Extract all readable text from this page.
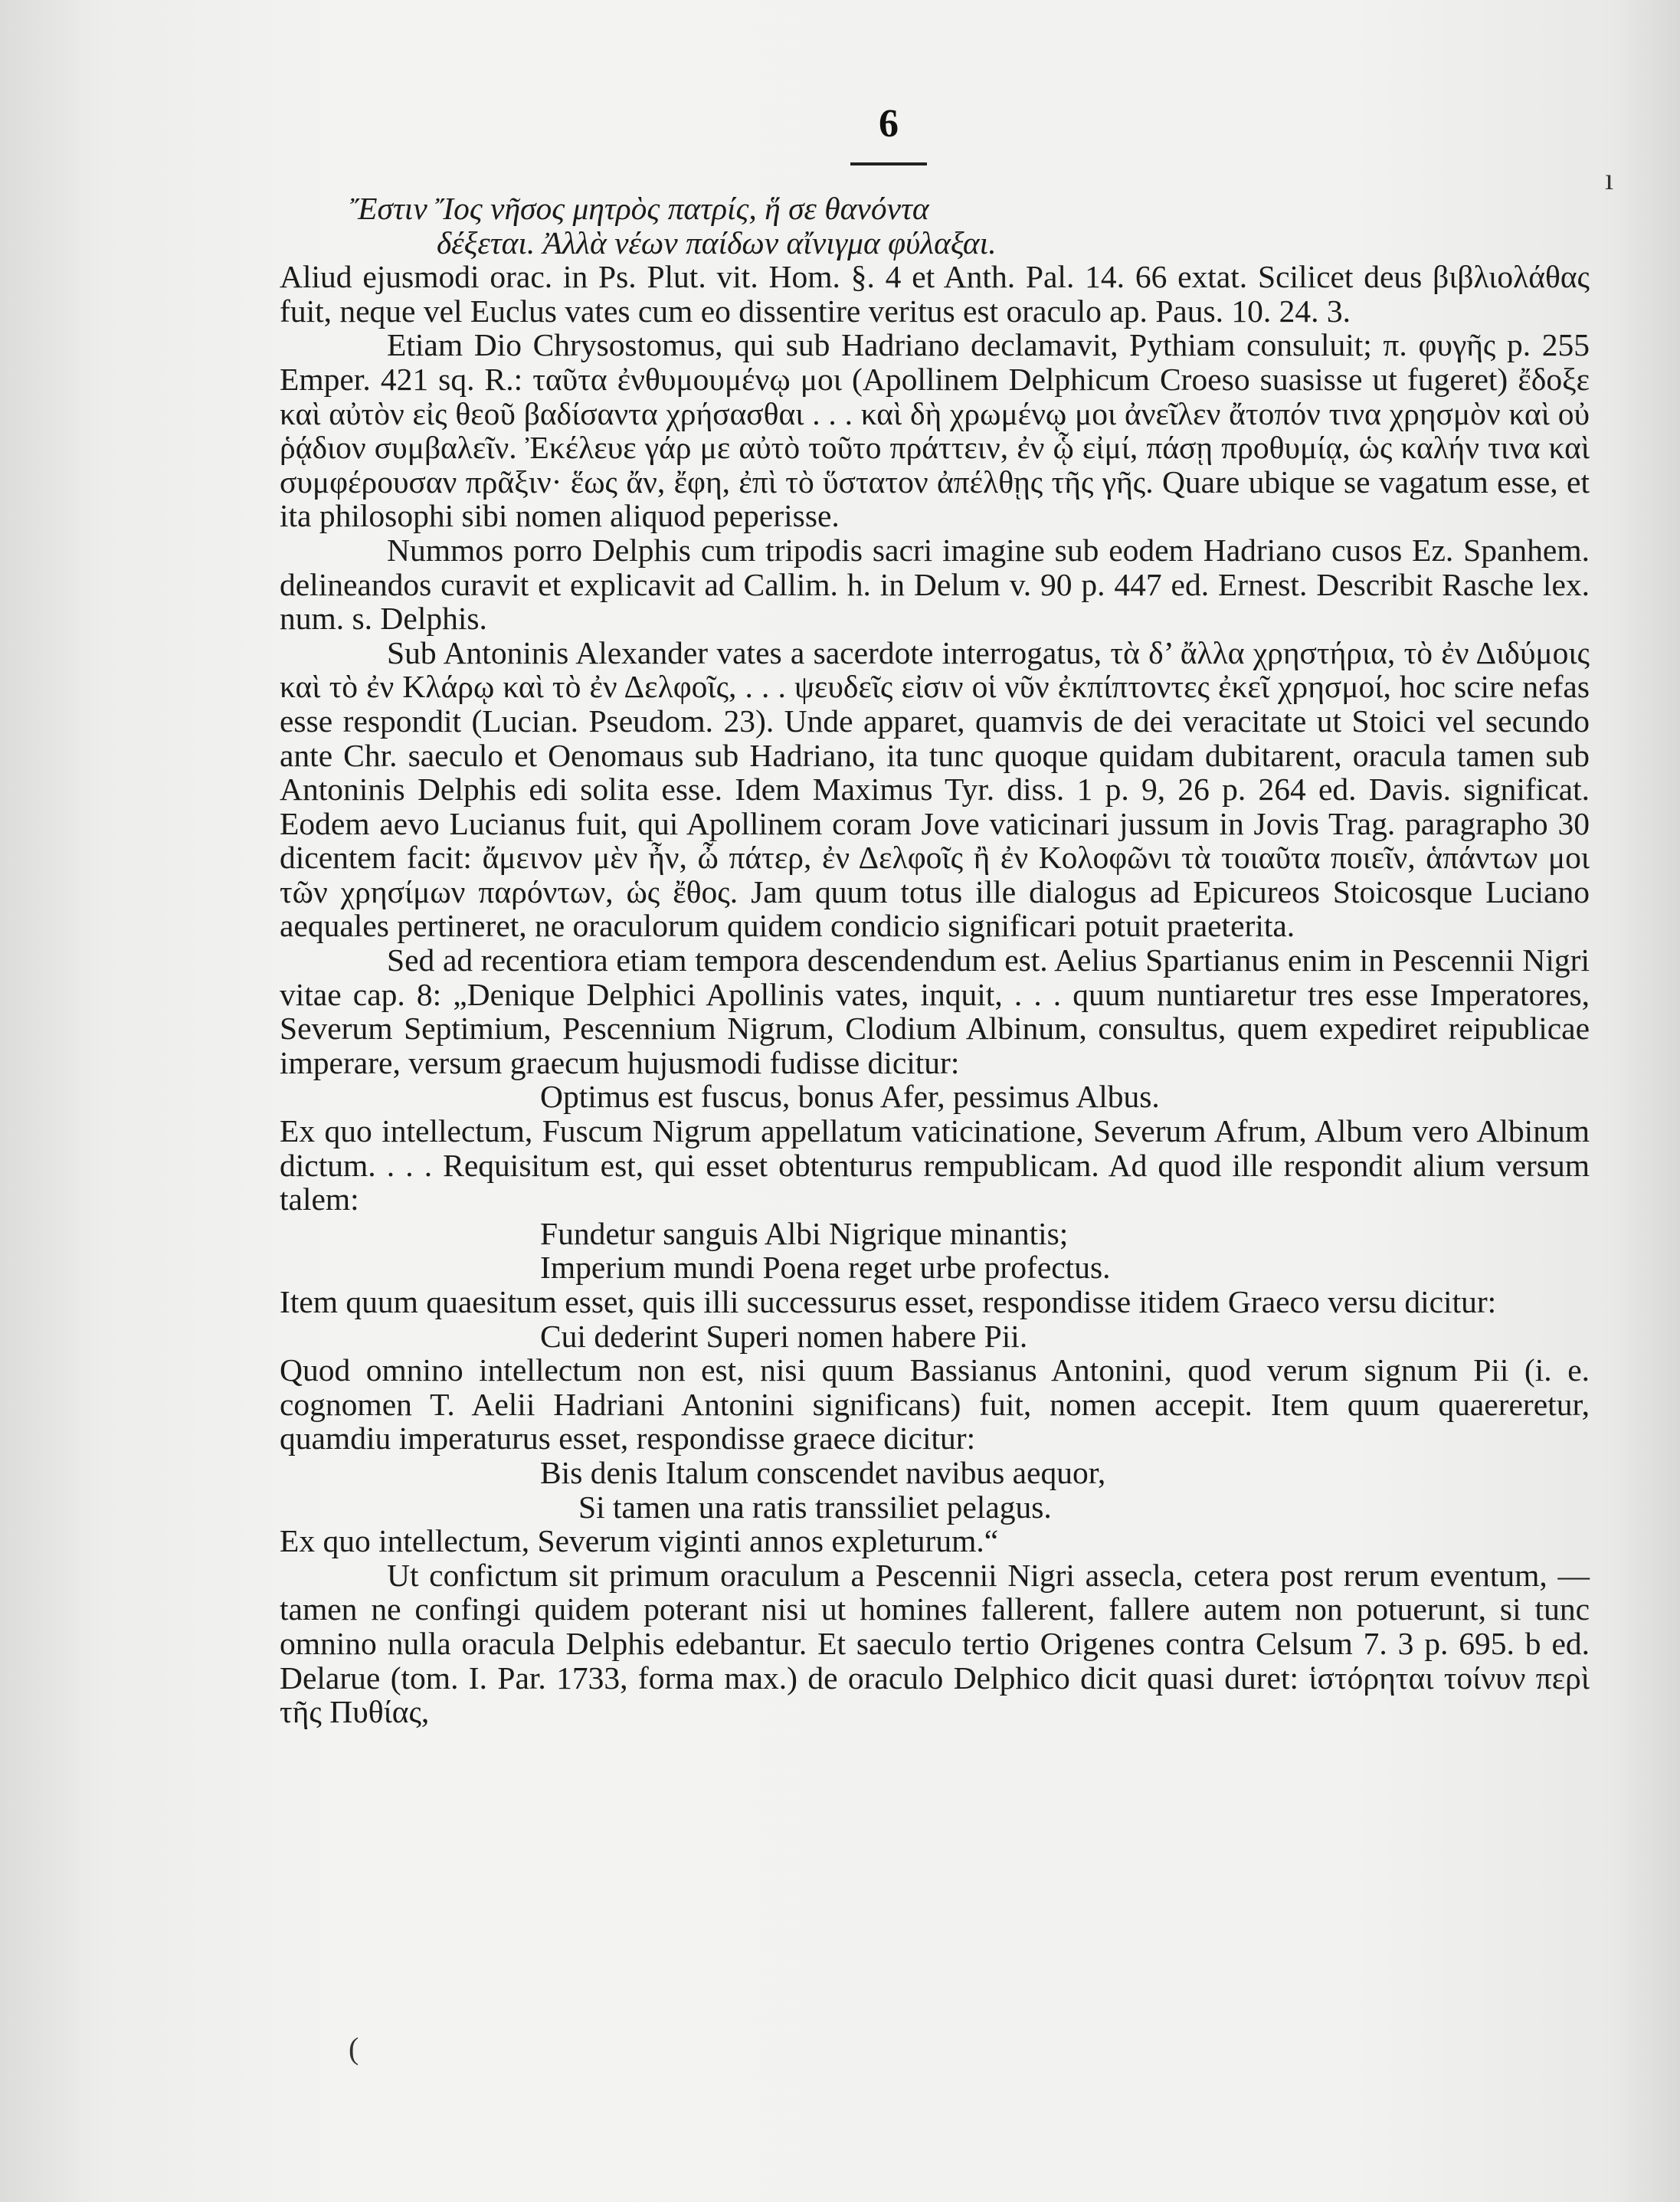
6

Ἔστιν Ἴος νῆσος μητρὸς πατρίς, ἥ σε θανόντα

δέξεται. Ἀλλὰ νέων παίδων αἴνιγμα φύλαξαι.

Aliud ejusmodi orac. in Ps. Plut. vit. Hom. §. 4 et Anth. Pal. 14. 66 extat. Scilicet deus βιβλιολάθας fuit, neque vel Euclus vates cum eo dissentire veritus est oraculo ap. Paus. 10. 24. 3.

Etiam Dio Chrysostomus, qui sub Hadriano declamavit, Pythiam consuluit; π. φυγῆς p. 255 Emper. 421 sq. R.: ταῦτα ἐνθυμουμένῳ μοι (Apollinem Delphicum Croeso suasisse ut fugeret) ἔδοξε καὶ αὐτὸν εἰς θεοῦ βαδίσαντα χρήσασθαι . . . καὶ δὴ χρωμένῳ μοι ἀνεῖλεν ἄτοπόν τινα χρησμὸν καὶ οὐ ῥᾴδιον συμβαλεῖν. Ἐκέλευε γάρ με αὐτὸ τοῦτο πράττειν, ἐν ᾧ εἰμί, πάσῃ προθυμίᾳ, ὡς καλήν τινα καὶ συμφέρουσαν πρᾶξιν· ἕως ἄν, ἔφη, ἐπὶ τὸ ὕστατον ἀπέλθῃς τῆς γῆς. Quare ubique se vagatum esse, et ita philosophi sibi nomen aliquod peperisse.

Nummos porro Delphis cum tripodis sacri imagine sub eodem Hadriano cusos Ez. Spanhem. delineandos curavit et explicavit ad Callim. h. in Delum v. 90 p. 447 ed. Ernest. Describit Rasche lex. num. s. Delphis.

Sub Antoninis Alexander vates a sacerdote interrogatus, τὰ δ’ ἄλλα χρηστήρια, τὸ ἐν Διδύμοις καὶ τὸ ἐν Κλάρῳ καὶ τὸ ἐν Δελφοῖς, . . . ψευδεῖς εἰσιν οἱ νῦν ἐκπίπτοντες ἐκεῖ χρησμοί, hoc scire nefas esse respondit (Lucian. Pseudom. 23). Unde apparet, quamvis de dei veracitate ut Stoici vel secundo ante Chr. saeculo et Oenomaus sub Hadriano, ita tunc quoque quidam dubitarent, oracula tamen sub Antoninis Delphis edi solita esse. Idem Maximus Tyr. diss. 1 p. 9, 26 p. 264 ed. Davis. significat. Eodem aevo Lucianus fuit, qui Apollinem coram Jove vaticinari jussum in Jovis Trag. paragrapho 30 dicentem facit: ἄμεινον μὲν ἦν, ὦ πάτερ, ἐν Δελφοῖς ἢ ἐν Κολοφῶνι τὰ τοιαῦτα ποιεῖν, ἁπάντων μοι τῶν χρησίμων παρόντων, ὡς ἔθος. Jam quum totus ille dialogus ad Epicureos Stoicosque Luciano aequales pertineret, ne oraculorum quidem condicio significari potuit praeterita.

Sed ad recentiora etiam tempora descendendum est. Aelius Spartianus enim in Pescennii Nigri vitae cap. 8: „Denique Delphici Apollinis vates, inquit, . . . quum nuntiaretur tres esse Imperatores, Severum Septimium, Pescennium Nigrum, Clodium Albinum, consultus, quem expediret reipublicae imperare, versum graecum hujusmodi fudisse dicitur:

Optimus est fuscus, bonus Afer, pessimus Albus.

Ex quo intellectum, Fuscum Nigrum appellatum vaticinatione, Severum Afrum, Album vero Albinum dictum. . . . Requisitum est, qui esset obtenturus rempublicam. Ad quod ille respondit alium versum talem:

Fundetur sanguis Albi Nigrique minantis;

Imperium mundi Poena reget urbe profectus.

Item quum quaesitum esset, quis illi successurus esset, respondisse itidem Graeco versu dicitur:

Cui dederint Superi nomen habere Pii.

Quod omnino intellectum non est, nisi quum Bassianus Antonini, quod verum signum Pii (i. e. cognomen T. Aelii Hadriani Antonini significans) fuit, nomen accepit. Item quum quaereretur, quamdiu imperaturus esset, respondisse graece dicitur:

Bis denis Italum conscendet navibus aequor,

Si tamen una ratis transsiliet pelagus.

Ex quo intellectum, Severum viginti annos expleturum.“

Ut confictum sit primum oraculum a Pescennii Nigri assecla, cetera post rerum eventum, — tamen ne confingi quidem poterant nisi ut homines fallerent, fallere autem non potuerunt, si tunc omnino nulla oracula Delphis edebantur. Et saeculo tertio Origenes contra Celsum 7. 3 p. 695. b ed. Delarue (tom. I. Par. 1733, forma max.) de oraculo Delphico dicit quasi duret: ἱστόρηται τοίνυν περὶ τῆς Πυθίας,

ı
(
